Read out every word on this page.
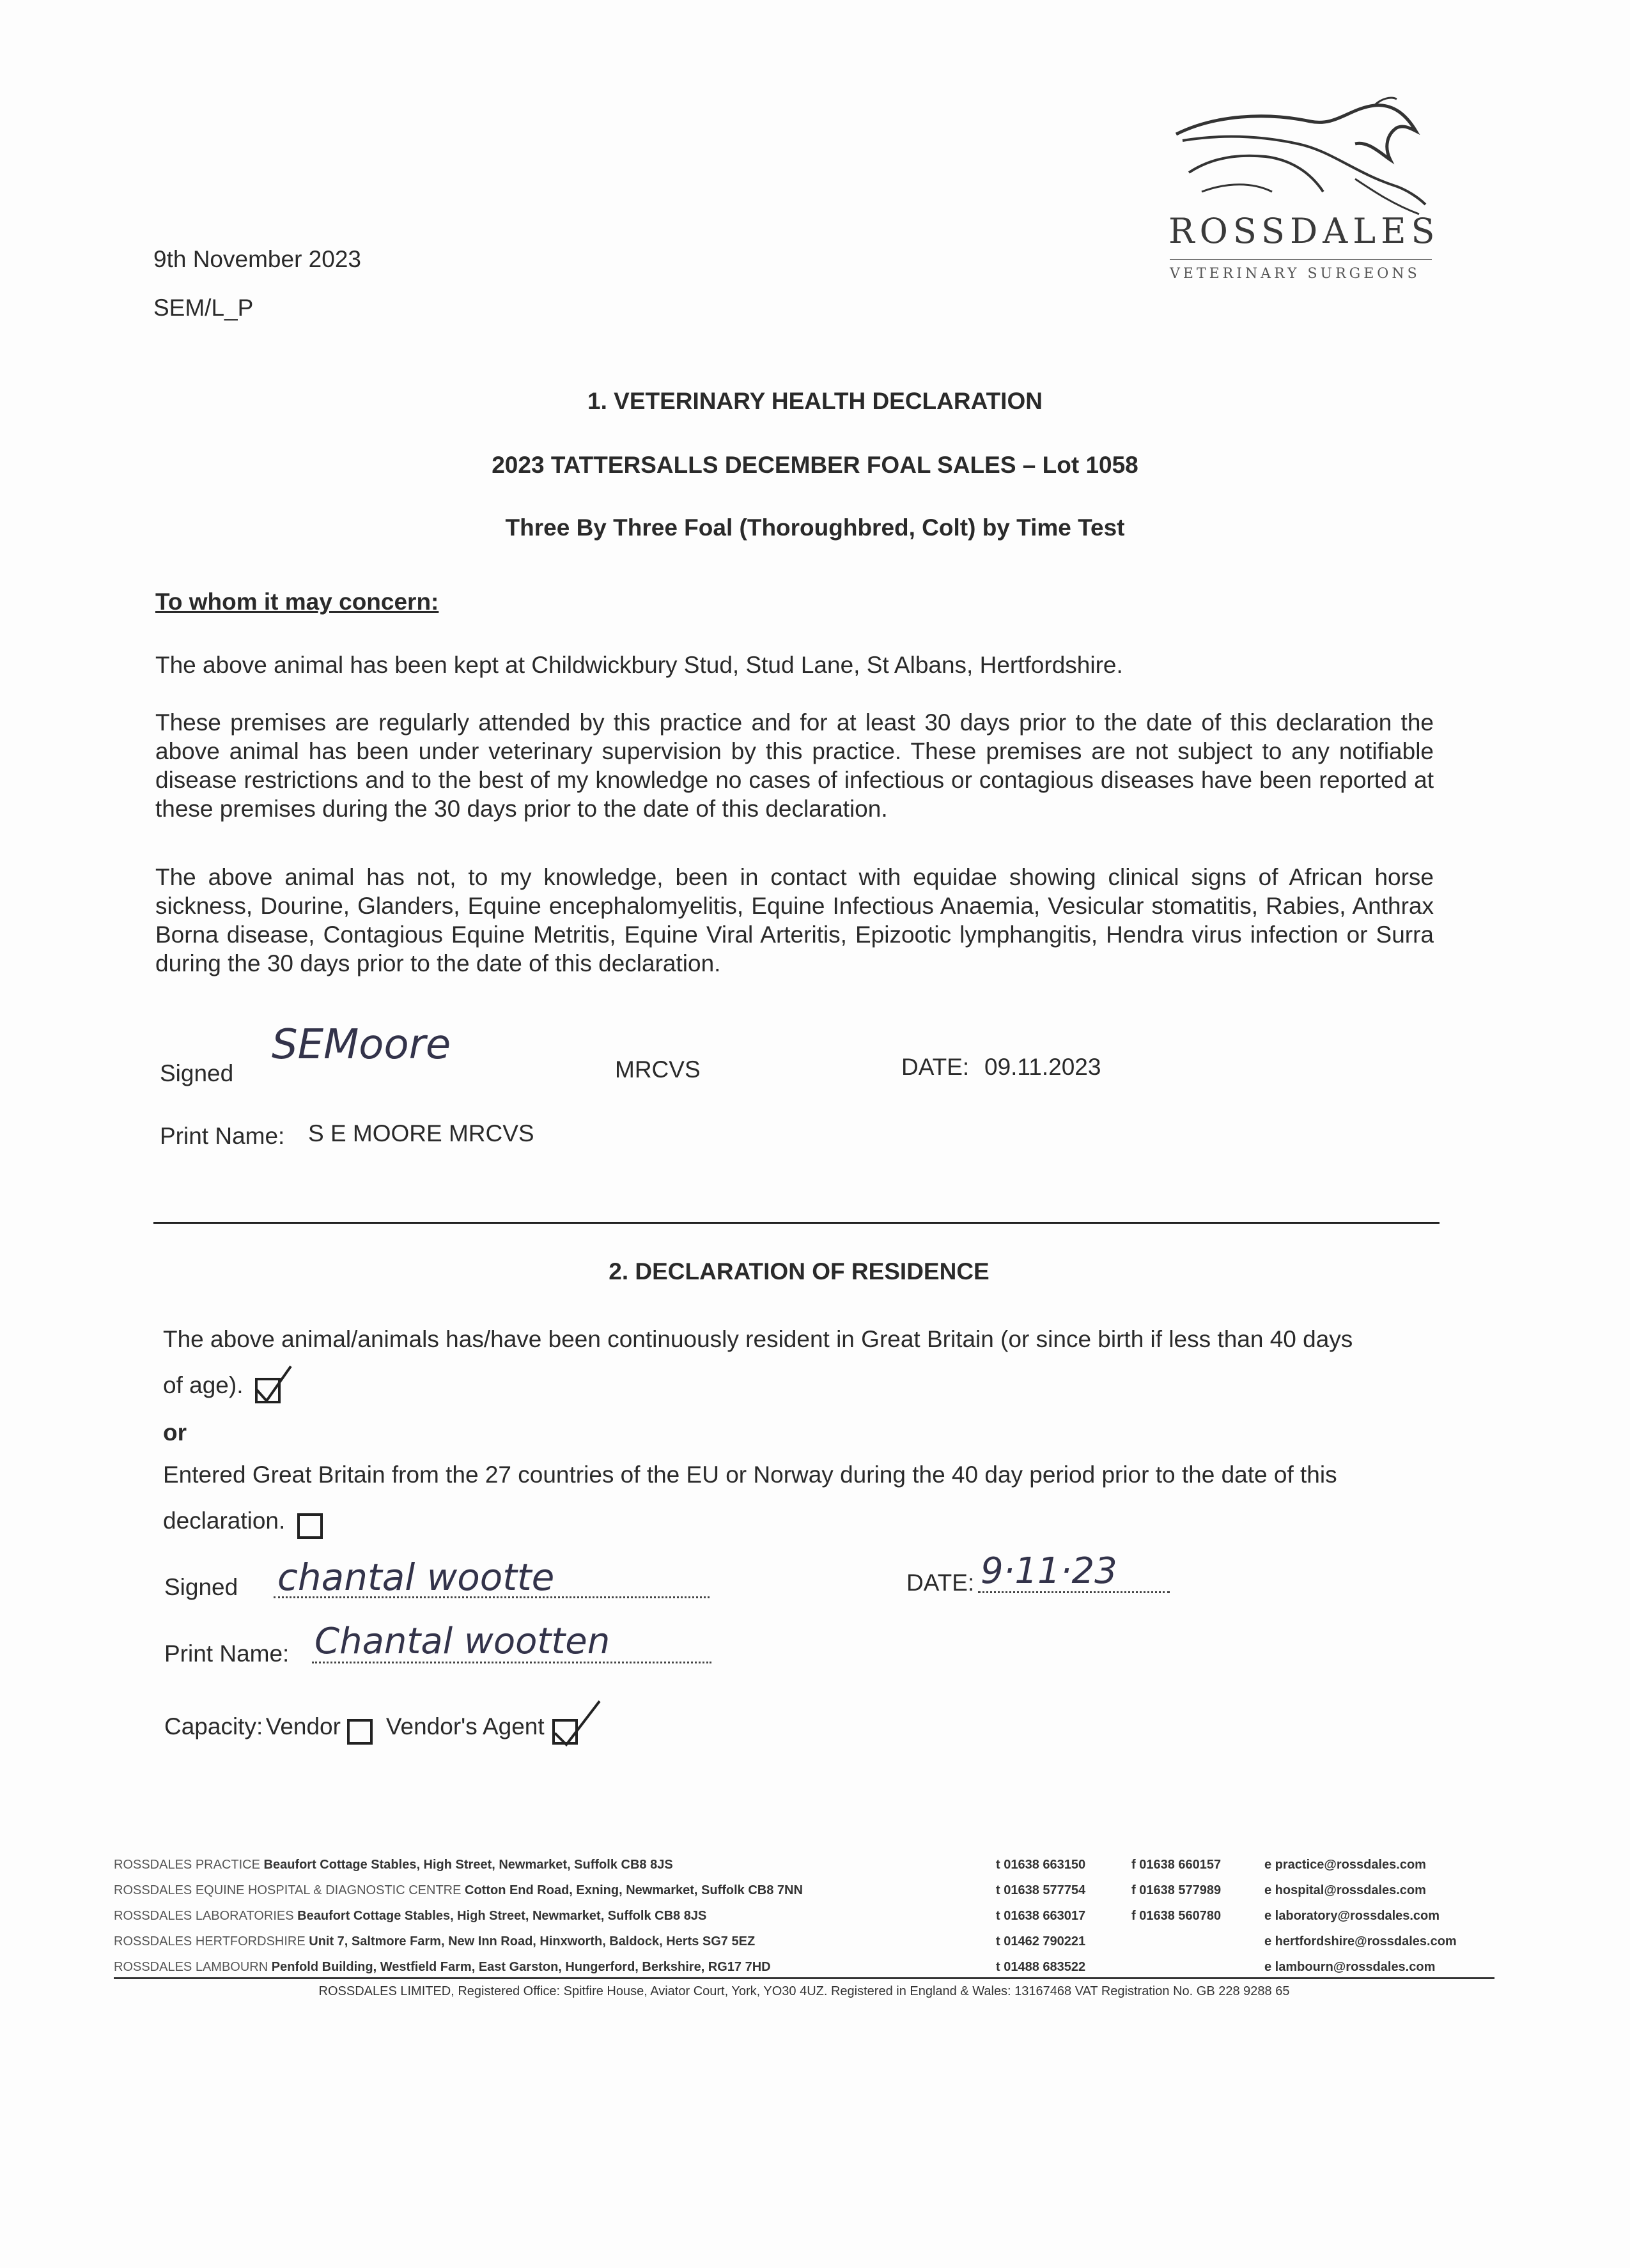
ROSSDALES
VETERINARY SURGEONS
9th November 2023
SEM/L_P
1. VETERINARY HEALTH DECLARATION
2023 TATTERSALLS DECEMBER FOAL SALES – Lot 1058
Three By Three Foal (Thoroughbred, Colt) by Time Test
To whom it may concern:
The above animal has been kept at Childwickbury Stud, Stud Lane, St Albans, Hertfordshire.
These premises are regularly attended by this practice and for at least 30 days prior to the date of this declaration the above animal has been under veterinary supervision by this practice. These premises are not subject to any notifiable disease restrictions and to the best of my knowledge no cases of infectious or contagious diseases have been reported at these premises during the 30 days prior to the date of this declaration.
The above animal has not, to my knowledge, been in contact with equidae showing clinical signs of African horse sickness, Dourine, Glanders, Equine encephalomyelitis, Equine Infectious Anaemia, Vesicular stomatitis, Rabies, Anthrax Borna disease, Contagious Equine Metritis, Equine Viral Arteritis, Epizootic lymphangitis, Hendra virus infection or Surra during the 30 days prior to the date of this declaration.
Signed
SEMoore
MRCVS	DATE: 09.11.2023
Print Name: S E MOORE MRCVS
2. DECLARATION OF RESIDENCE
The above animal/animals has/have been continuously resident in Great Britain (or since birth if less than 40 days of age).
or
Entered Great Britain from the 27 countries of the EU or Norway during the 40 day period prior to the date of this declaration.
Signed chantal wootte	DATE: 9·11·23
Print Name: Chantal wootten
Capacity: Vendor Vendor's Agent
ROSSDALES PRACTICE Beaufort Cottage Stables, High Street, Newmarket, Suffolk CB8 8JS	t 01638 663150	f 01638 660157	e practice@rossdales.com
ROSSDALES EQUINE HOSPITAL & DIAGNOSTIC CENTRE Cotton End Road, Exning, Newmarket, Suffolk CB8 7NN	t 01638 577754	f 01638 577989	e hospital@rossdales.com
ROSSDALES LABORATORIES Beaufort Cottage Stables, High Street, Newmarket, Suffolk CB8 8JS	t 01638 663017	f 01638 560780	e laboratory@rossdales.com
ROSSDALES HERTFORDSHIRE Unit 7, Saltmore Farm, New Inn Road, Hinxworth, Baldock, Herts SG7 5EZ	t 01462 790221	e hertfordshire@rossdales.com
ROSSDALES LAMBOURN Penfold Building, Westfield Farm, East Garston, Hungerford, Berkshire, RG17 7HD	t 01488 683522	e lambourn@rossdales.com
ROSSDALES LIMITED, Registered Office: Spitfire House, Aviator Court, York, YO30 4UZ. Registered in England & Wales: 13167468 VAT Registration No. GB 228 9288 65
